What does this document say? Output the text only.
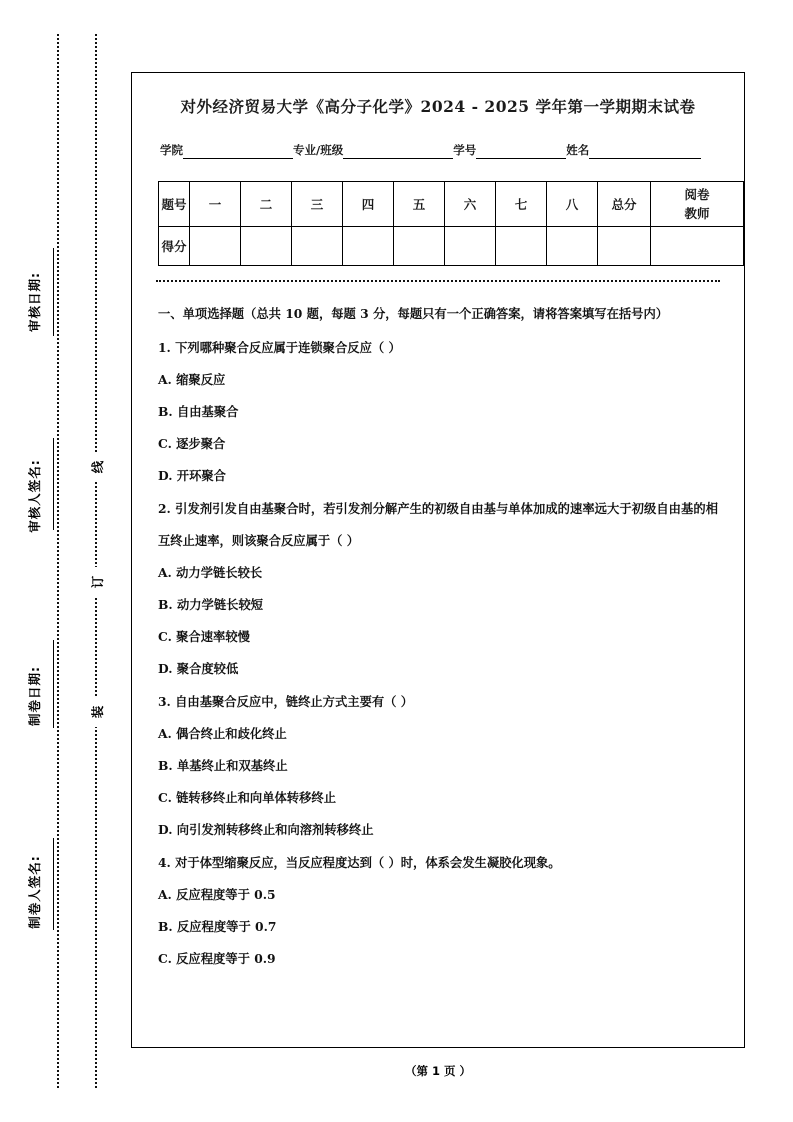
审核日期:
审核人签名:
制卷日期:
制卷人签名:
线
订
装
对外经济贸易大学《高分子化学》2024 - 2025 学年第一学期期末试卷
学院	专业/班级	学号	姓名
题号	一	二	三	四	五	六	七	八	总分	阅卷
教师

得分										
一、单项选择题（总共 10 题，每题 3 分，每题只有一个正确答案，请将答案填写在括号内）
1. 下列哪种聚合反应属于连锁聚合反应（ ）
A. 缩聚反应
B. 自由基聚合
C. 逐步聚合
D. 开环聚合
2. 引发剂引发自由基聚合时，若引发剂分解产生的初级自由基与单体加成的速率远大于初级自由基的相互终止速率，则该聚合反应属于（ ）
A. 动力学链长较长
B. 动力学链长较短
C. 聚合速率较慢
D. 聚合度较低
3. 自由基聚合反应中，链终止方式主要有（ ）
A. 偶合终止和歧化终止
B. 单基终止和双基终止
C. 链转移终止和向单体转移终止
D. 向引发剂转移终止和向溶剂转移终止
4. 对于体型缩聚反应，当反应程度达到（ ）时，体系会发生凝胶化现象。
A. 反应程度等于 0.5
B. 反应程度等于 0.7
C. 反应程度等于 0.9
（第 1 页 ）
